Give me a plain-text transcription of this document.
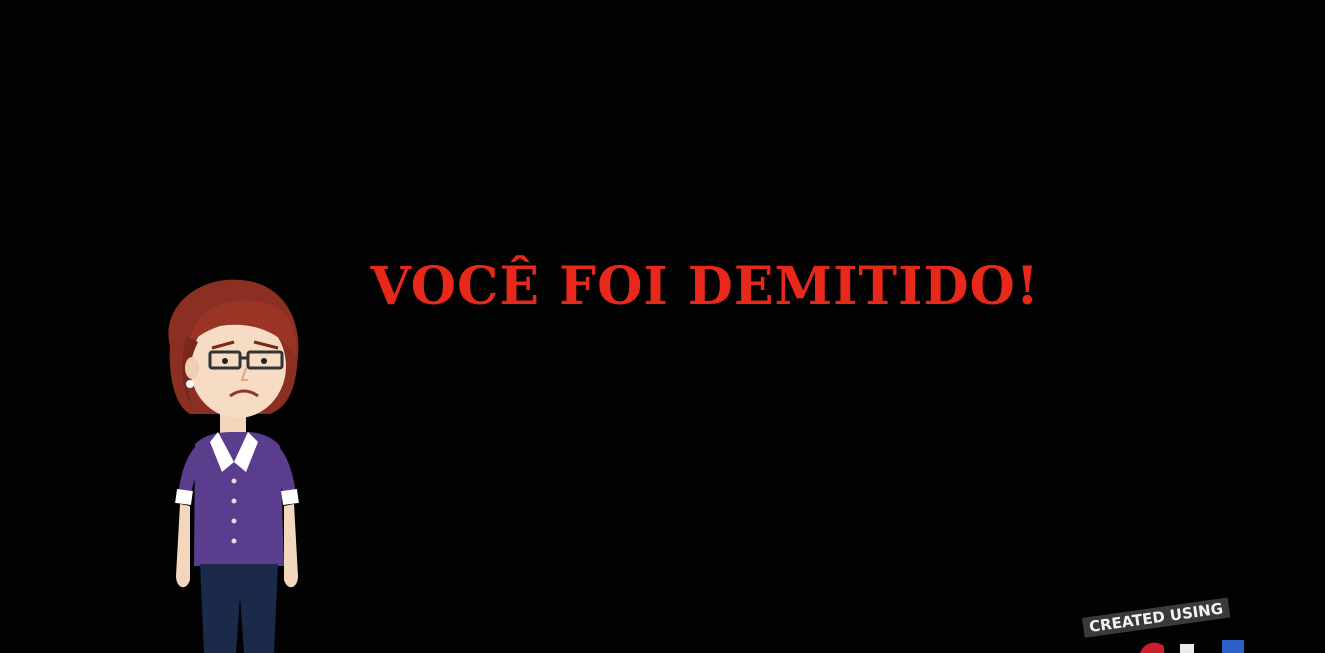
VOCÊ FOI DEMITIDO!
CREATED USING
